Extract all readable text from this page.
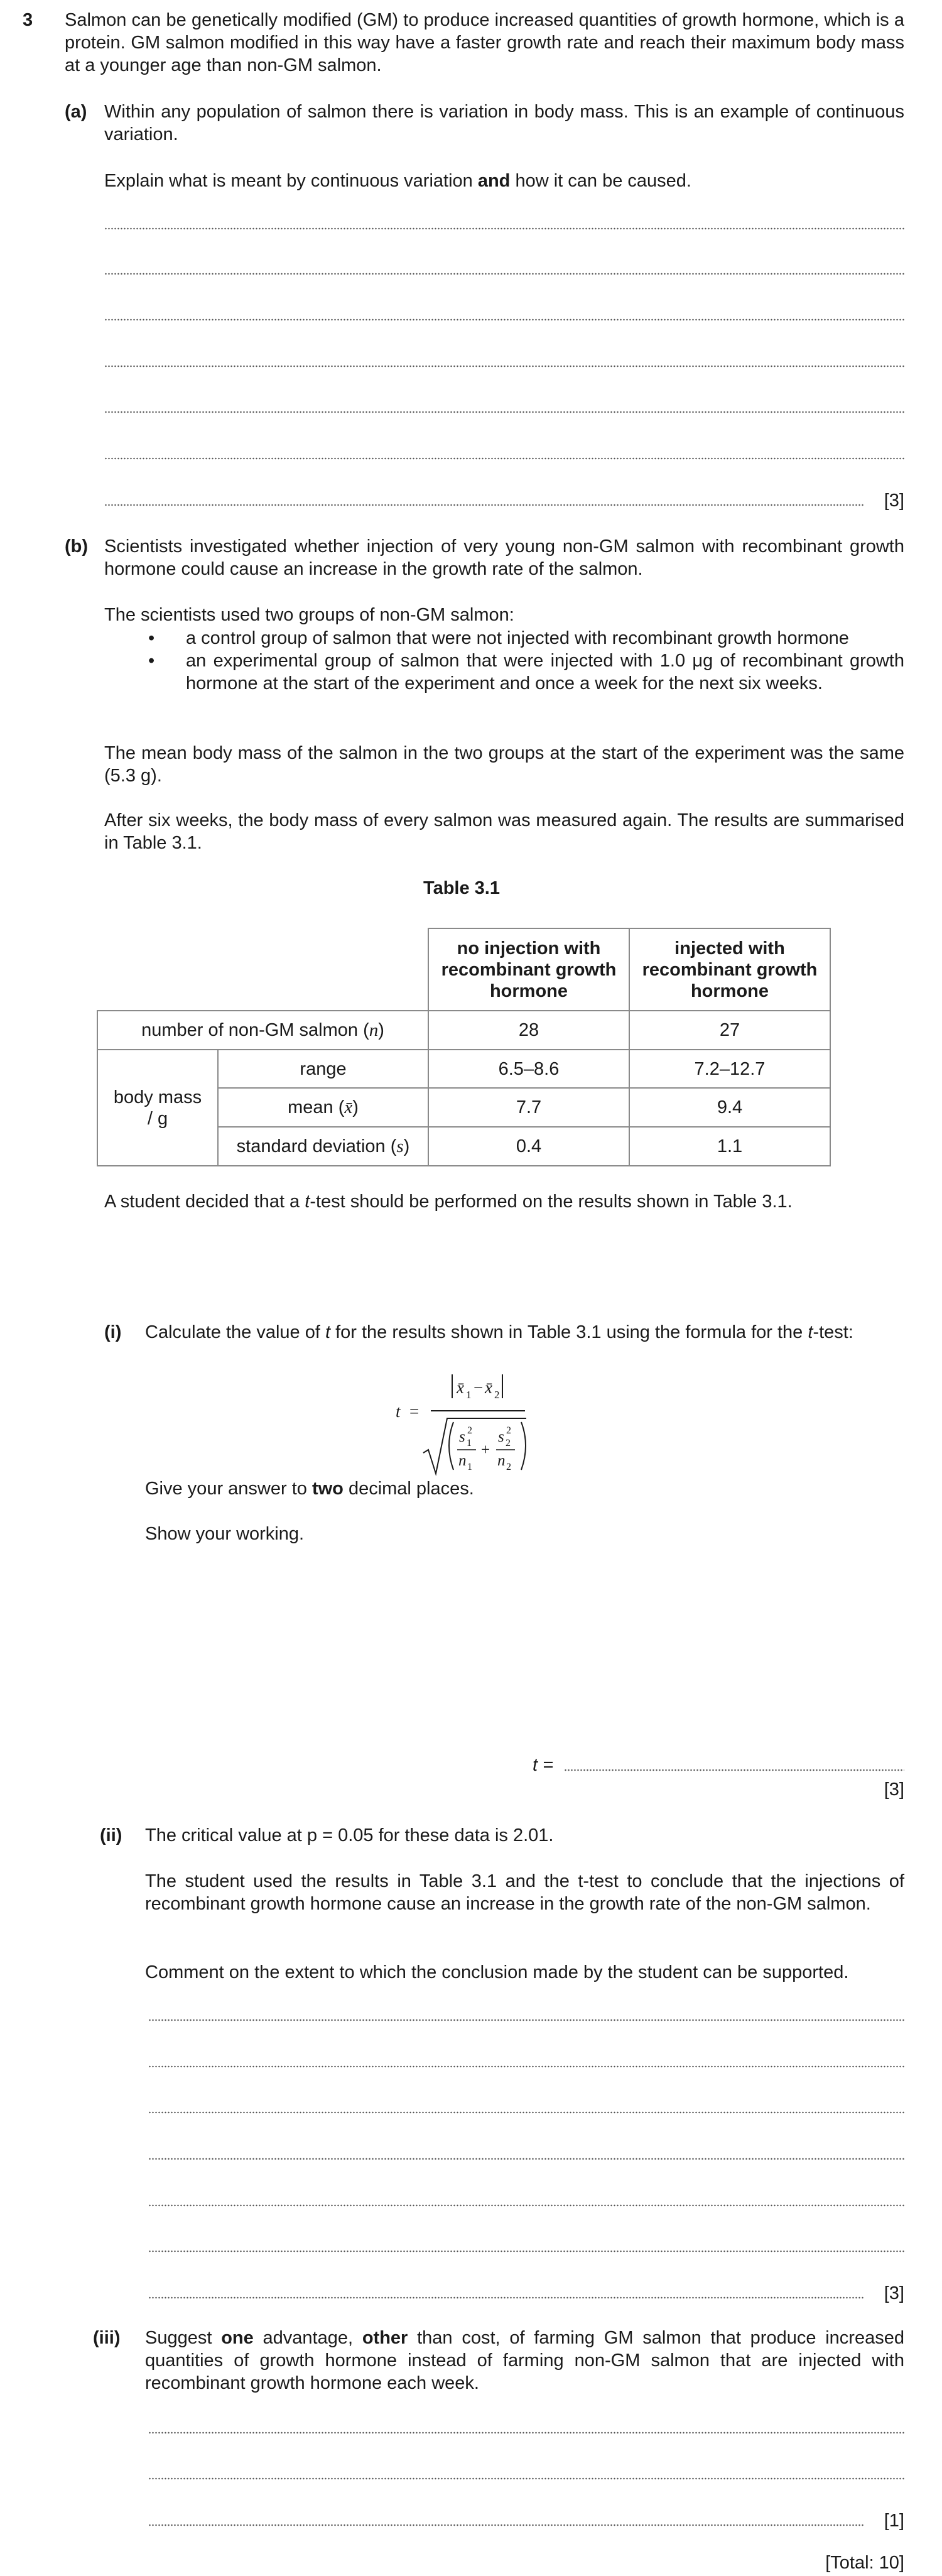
3 Salmon can be genetically modified (GM) to produce increased quantities of growth hormone, which is a protein. GM salmon modified in this way have a faster growth rate and reach their maximum body mass at a younger age than non-GM salmon.
(a) Within any population of salmon there is variation in body mass. This is an example of continuous variation.
Explain what is meant by continuous variation and how it can be caused.
[3]
(b) Scientists investigated whether injection of very young non-GM salmon with recombinant growth hormone could cause an increase in the growth rate of the salmon.
The scientists used two groups of non-GM salmon:
• a control group of salmon that were not injected with recombinant growth hormone
• an experimental group of salmon that were injected with 1.0 μg of recombinant growth hormone at the start of the experiment and once a week for the next six weeks.
The mean body mass of the salmon in the two groups at the start of the experiment was the same (5.3 g).
After six weeks, the body mass of every salmon was measured again. The results are summarised in Table 3.1.
Table 3.1
		no injection with recombinant growth hormone	injected with recombinant growth hormone
number of non-GM salmon (n)		28	27
body mass
/ g	range	6.5–8.6	7.2–12.7
	mean (x̄)	7.7	9.4
	standard deviation (s)	0.4	1.1
A student decided that a t-test should be performed on the results shown in Table 3.1.
(i) Calculate the value of t for the results shown in Table 3.1 using the formula for the t-test:
t =
x̄ 1 − x̄ 2
s 2
1
n 1
+
s 2
2
n 2
Give your answer to two decimal places.
Show your working.
t =
[3]
(ii) The critical value at p = 0.05 for these data is 2.01.
The student used the results in Table 3.1 and the t-test to conclude that the injections of recombinant growth hormone cause an increase in the growth rate of the non-GM salmon.
Comment on the extent to which the conclusion made by the student can be supported.
[3]
(iii) Suggest one advantage, other than cost, of farming GM salmon that produce increased quantities of growth hormone instead of farming non-GM salmon that are injected with recombinant growth hormone each week.
[1]
[Total: 10]
